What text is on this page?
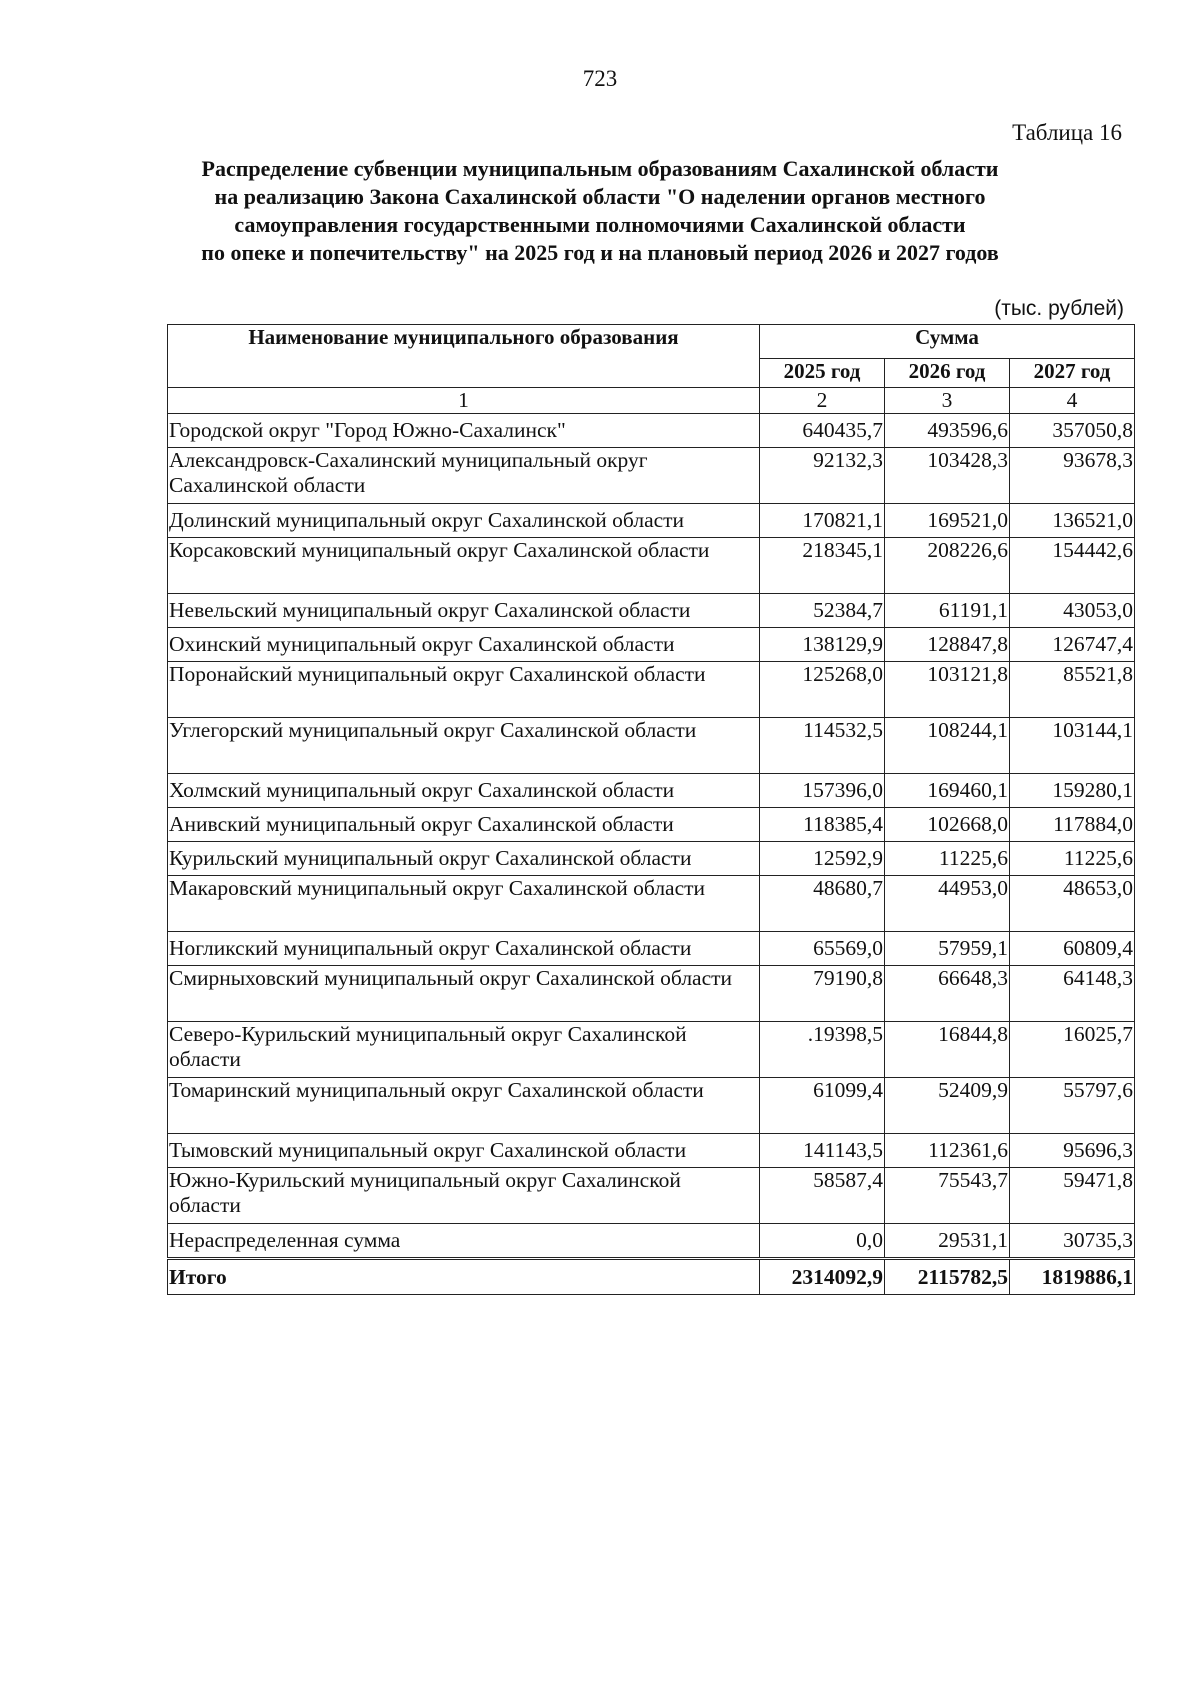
723
Таблица 16
Распределение субвенции муниципальным образованиям Сахалинской области
на реализацию Закона Сахалинской области "О наделении органов местного
самоуправления государственными полномочиями Сахалинской области
по опеке и попечительству" на 2025 год и на плановый период 2026 и 2027 годов
(тыс. рублей)
Наименование муниципального образования	Сумма		
	2025 год	2026 год	2027 год
1	2	3	4
Городской округ "Город Южно-Сахалинск"	640435,7	493596,6	357050,8
Александровск-Сахалинский муниципальный округ Сахалинской области	92132,3	103428,3	93678,3
Долинский муниципальный округ Сахалинской области	170821,1	169521,0	136521,0
Корсаковский муниципальный округ Сахалинской области	218345,1	208226,6	154442,6
Невельский муниципальный округ Сахалинской области	52384,7	61191,1	43053,0
Охинский муниципальный округ Сахалинской области	138129,9	128847,8	126747,4
Поронайский муниципальный округ Сахалинской области	125268,0	103121,8	85521,8
Углегорский муниципальный округ Сахалинской области	114532,5	108244,1	103144,1
Холмский муниципальный округ Сахалинской области	157396,0	169460,1	159280,1
Анивский муниципальный округ Сахалинской области	118385,4	102668,0	117884,0
Курильский муниципальный округ Сахалинской области	12592,9	11225,6	11225,6
Макаровский муниципальный округ Сахалинской области	48680,7	44953,0	48653,0
Ногликский муниципальный округ Сахалинской области	65569,0	57959,1	60809,4
Смирныховский муниципальный округ Сахалинской области	79190,8	66648,3	64148,3
Северо-Курильский муниципальный округ Сахалинской области	.19398,5	16844,8	16025,7
Томаринский муниципальный округ Сахалинской области	61099,4	52409,9	55797,6
Тымовский муниципальный округ Сахалинской области	141143,5	112361,6	95696,3
Южно-Курильский муниципальный округ Сахалинской области	58587,4	75543,7	59471,8
Нераспределенная сумма	0,0	29531,1	30735,3
Итого	2314092,9	2115782,5	1819886,1
